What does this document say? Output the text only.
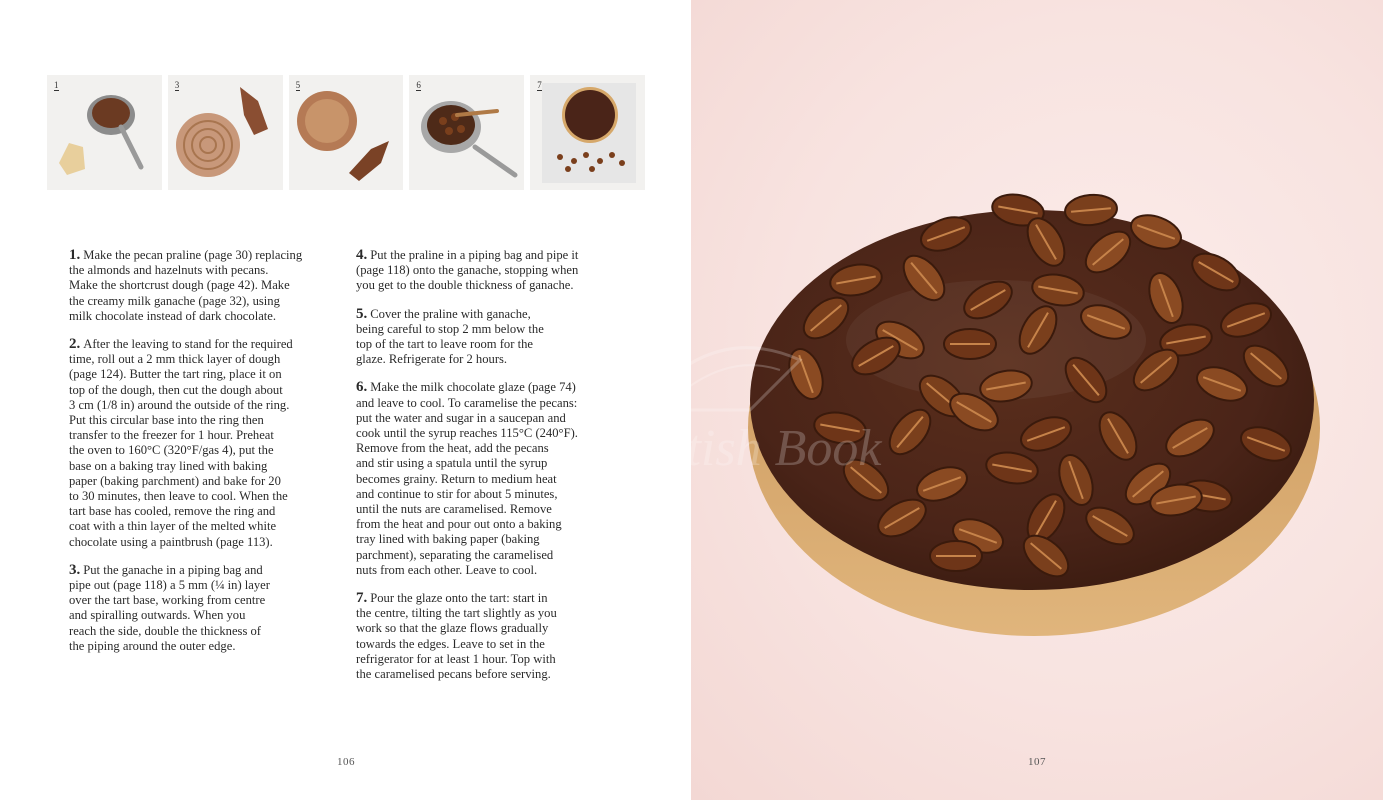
1	3	5	6	7

1. Make the pecan praline (page 30) replacing
the almonds and hazelnuts with pecans.
Make the shortcrust dough (page 42). Make
the creamy milk ganache (page 32), using
milk chocolate instead of dark chocolate.

2. After the leaving to stand for the required
time, roll out a 2 mm thick layer of dough
(page 124). Butter the tart ring, place it on
top of the dough, then cut the dough about
3 cm (1/8 in) around the outside of the ring.
Put this circular base into the ring then
transfer to the freezer for 1 hour. Preheat
the oven to 160°C (320°F/gas 4), put the
base on a baking tray lined with baking
paper (baking parchment) and bake for 20
to 30 minutes, then leave to cool. When the
tart base has cooled, remove the ring and
coat with a thin layer of the melted white
chocolate using a paintbrush (page 113).

3. Put the ganache in a piping bag and
pipe out (page 118) a 5 mm (¼ in) layer
over the tart base, working from centre
and spiralling outwards. When you
reach the side, double the thickness of
the piping around the outer edge.

4. Put the praline in a piping bag and pipe it
(page 118) onto the ganache, stopping when
you get to the double thickness of ganache.

5. Cover the praline with ganache,
being careful to stop 2 mm below the
top of the tart to leave room for the
glaze. Refrigerate for 2 hours.

6. Make the milk chocolate glaze (page 74)
and leave to cool. To caramelise the pecans:
put the water and sugar in a saucepan and
cook until the syrup reaches 115°C (240°F).
Remove from the heat, add the pecans
and stir using a spatula until the syrup
becomes grainy. Return to medium heat
and continue to stir for about 5 minutes,
until the nuts are caramelised. Remove
from the heat and pour out onto a baking
tray lined with baking paper (baking
parchment), separating the caramelised
nuts from each other. Leave to cool.

7. Pour the glaze onto the tart: start in
the centre, tilting the tart slightly as you
work so that the glaze flows gradually
towards the edges. Leave to set in the
refrigerator for at least 1 hour. Top with
the caramelised pecans before serving.

106
British Book
107
